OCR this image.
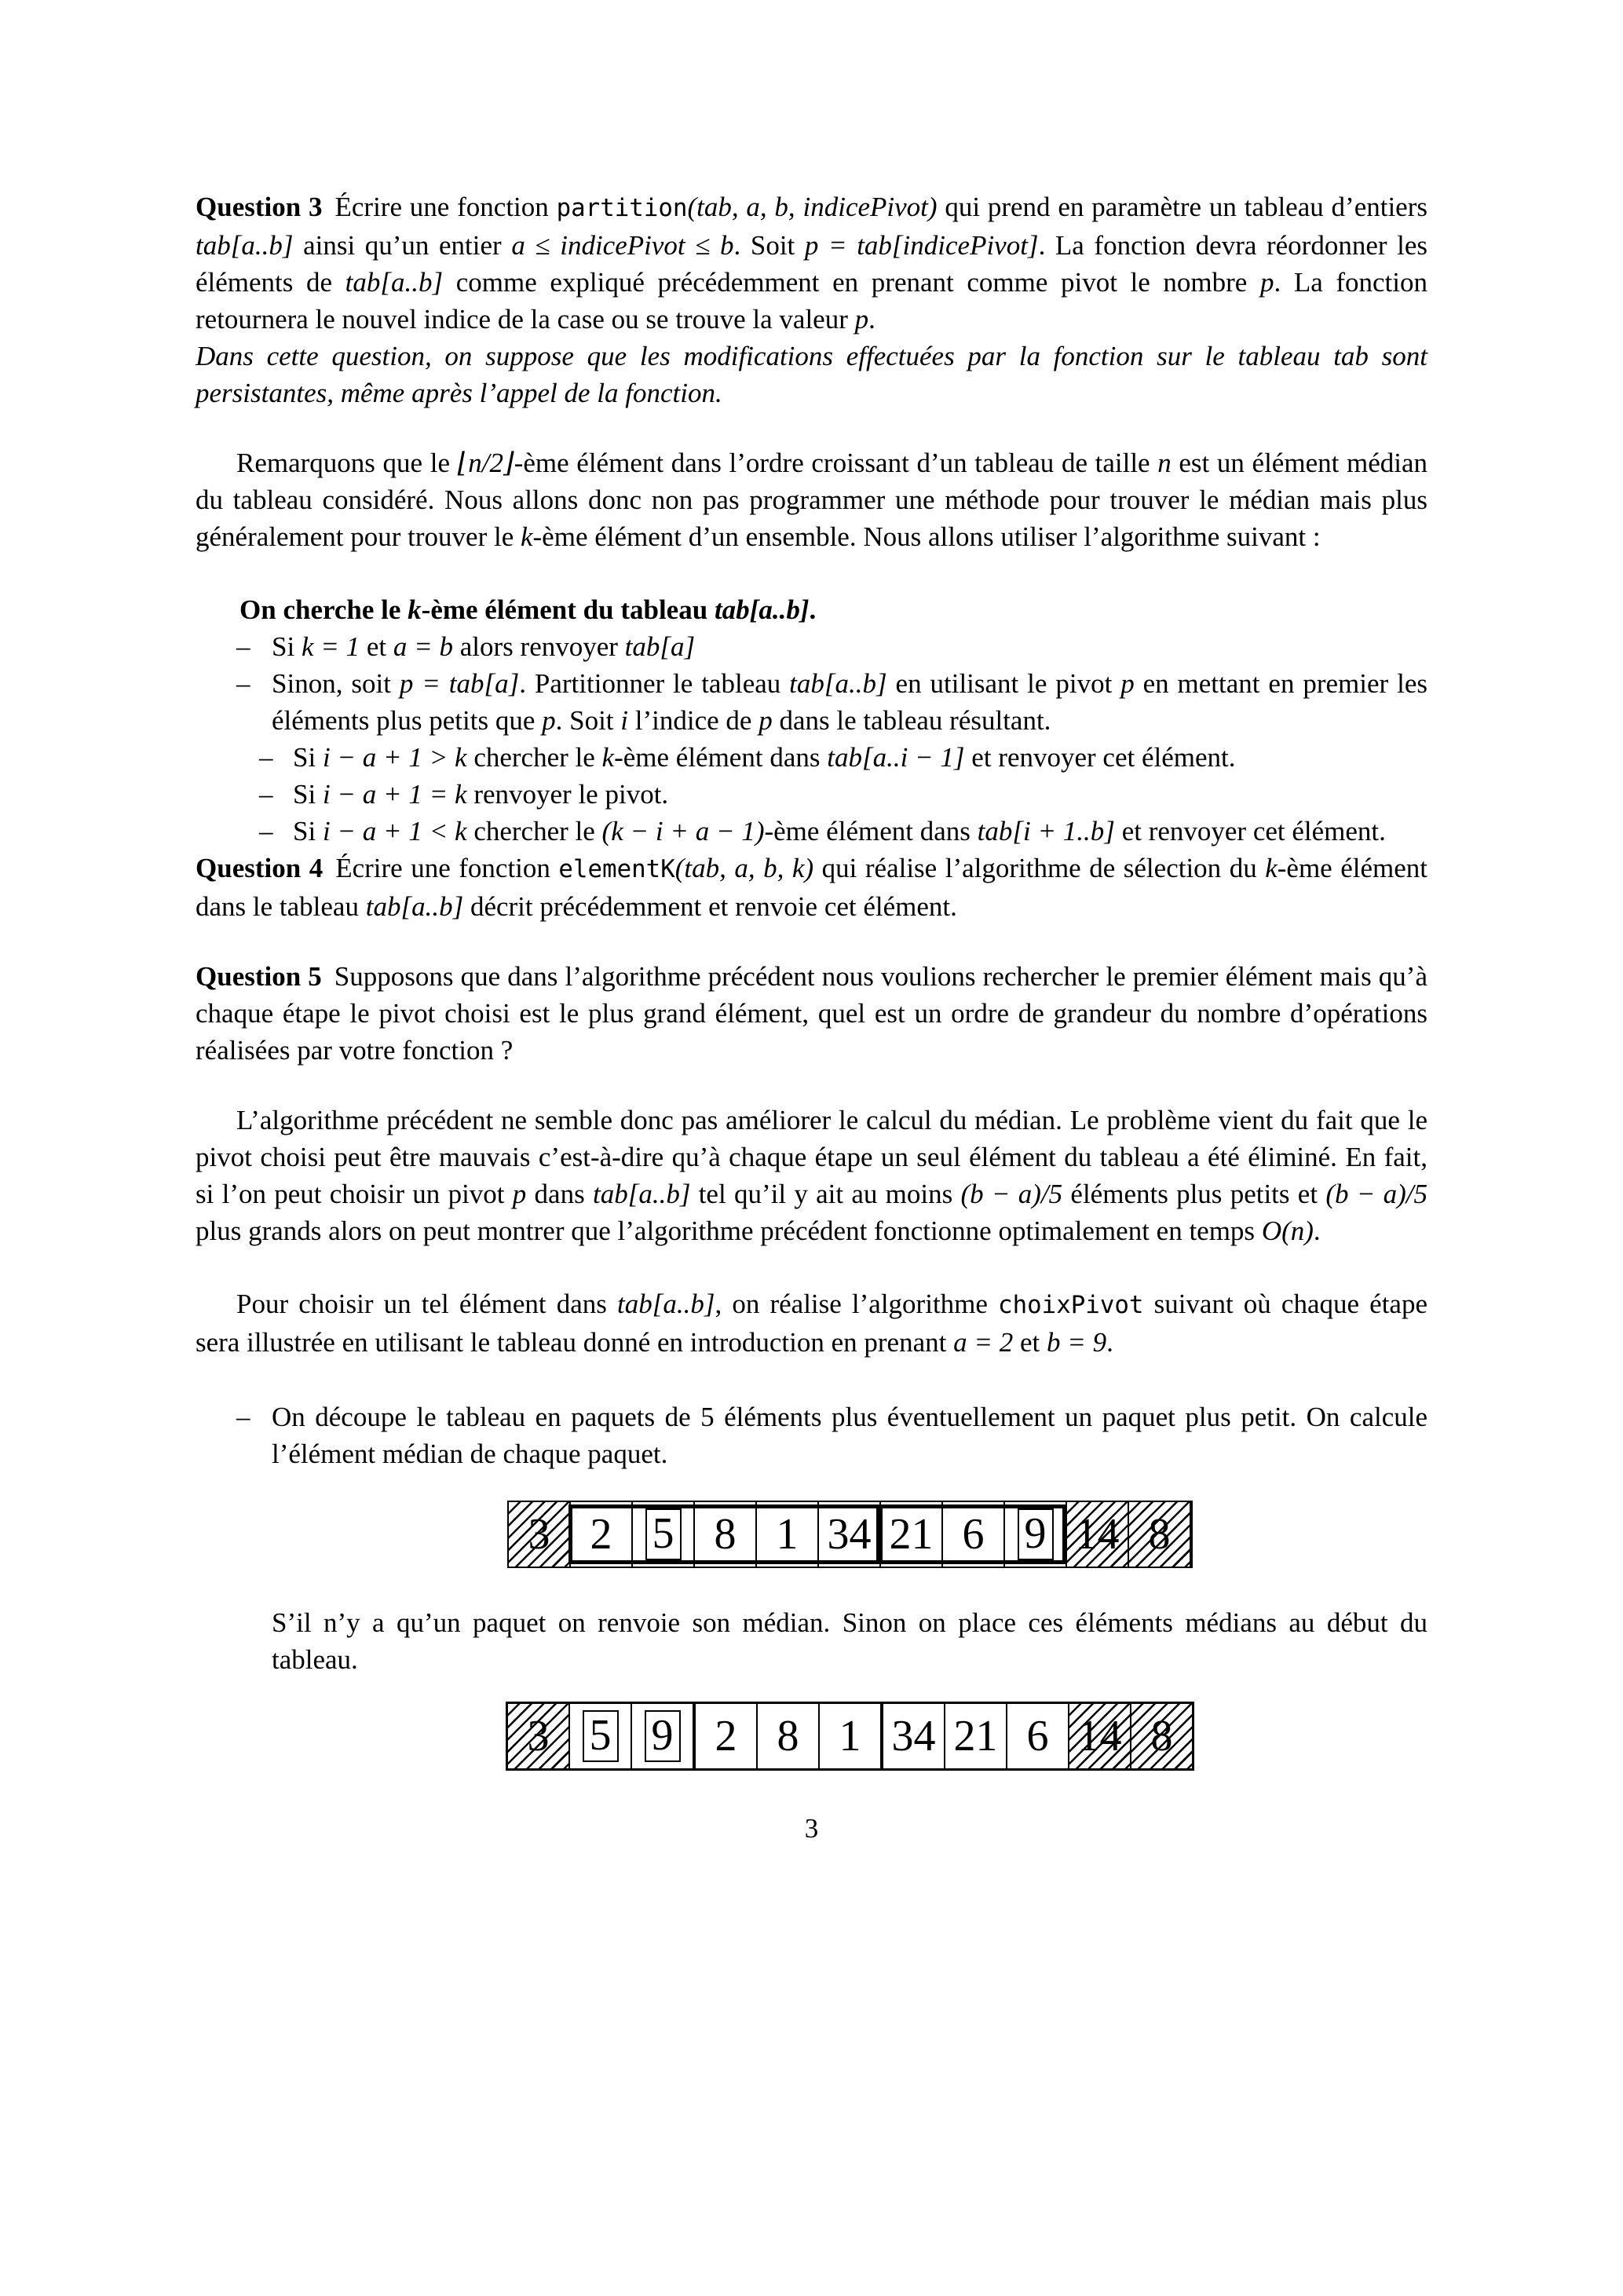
Question 3 Écrire une fonction partition(tab, a, b, indicePivot) qui prend en paramètre un tableau d’entiers tab[a..b] ainsi qu’un entier a ≤ indicePivot ≤ b. Soit p = tab[indicePivot]. La fonction devra réordonner les éléments de tab[a..b] comme expliqué précédemment en prenant comme pivot le nombre p. La fonction retournera le nouvel indice de la case ou se trouve la valeur p.

Dans cette question, on suppose que les modifications effectuées par la fonction sur le tableau tab sont persistantes, même après l’appel de la fonction.

Remarquons que le ⌊n/2⌋-ème élément dans l’ordre croissant d’un tableau de taille n est un élément médian du tableau considéré. Nous allons donc non pas programmer une méthode pour trouver le médian mais plus généralement pour trouver le k-ème élément d’un ensemble. Nous allons utiliser l’algorithme suivant :

On cherche le k-ème élément du tableau tab[a..b].

– Si k = 1 et a = b alors renvoyer tab[a]
– Sinon, soit p = tab[a]. Partitionner le tableau tab[a..b] en utilisant le pivot p en mettant en premier les éléments plus petits que p. Soit i l’indice de p dans le tableau résultant.
– Si i − a + 1 > k chercher le k-ème élément dans tab[a..i − 1] et renvoyer cet élément.
– Si i − a + 1 = k renvoyer le pivot.
– Si i − a + 1 < k chercher le (k − i + a − 1)-ème élément dans tab[i + 1..b] et renvoyer cet élément.

Question 4 Écrire une fonction elementK(tab, a, b, k) qui réalise l’algorithme de sélection du k-ème élément dans le tableau tab[a..b] décrit précédemment et renvoie cet élément.

Question 5 Supposons que dans l’algorithme précédent nous voulions rechercher le premier élément mais qu’à chaque étape le pivot choisi est le plus grand élément, quel est un ordre de grandeur du nombre d’opérations réalisées par votre fonction ?

L’algorithme précédent ne semble donc pas améliorer le calcul du médian. Le problème vient du fait que le pivot choisi peut être mauvais c’est-à-dire qu’à chaque étape un seul élément du tableau a été éliminé. En fait, si l’on peut choisir un pivot p dans tab[a..b] tel qu’il y ait au moins (b − a)/5 éléments plus petits et (b − a)/5 plus grands alors on peut montrer que l’algorithme précédent fonctionne optimalement en temps O(n).

Pour choisir un tel élément dans tab[a..b], on réalise l’algorithme choixPivot suivant où chaque étape sera illustrée en utilisant le tableau donné en introduction en prenant a = 2 et b = 9.

– On découpe le tableau en paquets de 5 éléments plus éventuellement un paquet plus petit. On calcule l’élément médian de chaque paquet.
3 2 5 8 1 34 21 6 9 14 8

S’il n’y a qu’un paquet on renvoie son médian. Sinon on place ces éléments médians au début du tableau.

3 5 9 2 8 1 34 21 6 14 8
3
